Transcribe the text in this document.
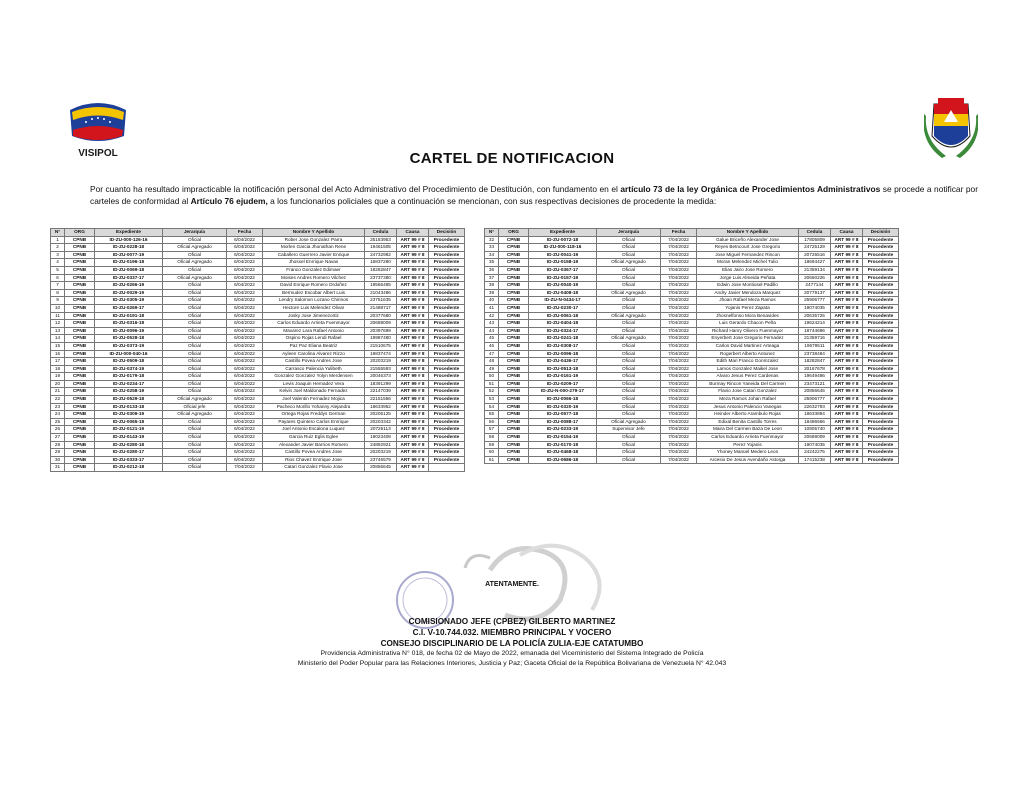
VISIPOL	CARTEL DE NOTIFICACION
Por cuanto ha resultado impracticable la notificación personal del Acto Administrativo del Procedimiento de Destitución, con fundamento en el artículo 73 de la ley Orgánica de Procedimientos Administrativos se procede a notificar por carteles de conformidad al Artículo 76 ejudem, a los funcionarios policiales que a continuación se mencionan, con sus respectivas decisiones de procedente la medida:
N°	ORG	Expediente	Jerarquía	Fecha	Nombre Y Apellido	Cedula	Causa	Decisión
1	CPNB	ID-ZU-000-126-16	Oficial	6/04/2022	Rober Jose Gonzalez Parra	25183953	ART 99 # 8	Procedente
2	CPNB	ID-ZU-0228-18	Oficial Agregado	6/04/2022	Morlen Garcia Jhonathan Rene	19461505	ART 99 # 8	Procedente
3	CPNB	ID-ZU-0077-19	Oficial	6/04/2022	Caballero Guerrero Javier Enrique	24732982	ART 99 # 8	Procedente
4	CPNB	ID-ZU-0196-18	Oficial Agregado	6/04/2022	Jhossel Enrrique Navas	16837280	ART 99 # 8	Procedente
5	CPNB	ID-ZU-0069-18	Oficial	6/04/2022	Franco Gonzalez Edimaer	18282847	ART 99 # 8	Procedente
6	CPNB	ID-ZU-0337-17	Oficial Agregado	6/04/2022	Moises Andres Romero Vilchez	23737380	ART 99 # 8	Procedente
7	CPNB	ID-ZU-0266-19	Oficial	6/04/2022	David Enrique Romero Ordoñez	19566485	ART 99 # 8	Procedente
8	CPNB	ID-ZU-0029-19	Oficial	6/04/2022	Bermudez Escobar Albert Luis	21043486	ART 99 # 8	Procedente
9	CPNB	ID-ZU-0305-19	Oficial	6/04/2022	Lendry Salomon Lozano Chirinos	23751635	ART 99 # 8	Procedente
10	CPNB	ID-ZU-0269-17	Oficial	6/04/2022	Hectore Luis Melendez Olivar	21488717	ART 99 # 8	Procedente
11	CPNB	ID-ZU-0191-18	Oficial	6/04/2022	Josky Jose Jimenezortiz	20377680	ART 99 # 8	Procedente
12	CPNB	ID-ZU-0316-18	Oficial	6/04/2022	Carlos Eduardo Arrieta Fuenmayor	20689009	ART 99 # 8	Procedente
13	CPNB	ID-ZU-0096-19	Oficial	6/04/2022	Mavarez Lara Rafael Antonio	20397689	ART 99 # 8	Procedente
14	CPNB	ID-ZU-0528-18	Oficial	6/04/2022	Ospino Rojas Lendi Rafael	19987480	ART 99 # 8	Procedente
15	CPNB	ID-ZU-0373-19	Oficial	6/04/2022	Paz Paz Eliana Beatriz	21510675	ART 99 # 8	Procedente
16	CPNB	ID-ZU-000-040-16	Oficial	6/04/2022	Ayleen Carolina Alvarez Rizzo	19837474	ART 99 # 8	Procedente
17	CPNB	ID-ZU-0509-18	Oficial	6/04/2022	Castillo Povea Andres Jose	20203219	ART 99 # 8	Procedente
18	CPNB	ID-ZU-0374-19	Oficial	6/04/2022	Carrasco Palencia Yulibeth	21555593	ART 99 # 8	Procedente
19	CPNB	ID-ZU-0179-18	Oficial	6/04/2022	Gonzalez Gonzalez Yolyn Merdensen	20046373	ART 99 # 8	Procedente
20	CPNB	ID-ZU-0234-17	Oficial	6/04/2022	Levis Joaquin Hernadez Vera	18391299	ART 99 # 8	Procedente
21	CPNB	ID-ZU-0258-19	Oficial	6/04/2022	Kelvin Joel Maldonado Fernadez	22147039	ART 99 # 8	Procedente
22	CPNB	ID-ZU-0529-18	Oficial Agregado	6/04/2022	Joel Valentin Fernadez Mojica	22151556	ART 99 # 8	Procedente
23	CPNB	ID-ZU-0133-18	Oficial jefe	6/04/2022	Pacheco Morillo Yohanny Alejandra	18633952	ART 99 # 8	Procedente
24	CPNB	ID-ZU-0309-19	Oficial Agregado	6/04/2022	Ortega Rojas Freddys German	20205125	ART 99 # 8	Procedente
25	CPNB	ID-ZU-0065-18	Oficial	6/04/2022	Payares Quintero Carlos Enrrique	20203342	ART 99 # 8	Procedente
26	CPNB	ID-ZU-0121-19	Oficial	6/04/2022	Joel Antonio Escalona Luquez	20726113	ART 99 # 8	Procedente
27	CPNB	ID-ZU-0143-19	Oficial	6/04/2022	Garcia Ruiz Eglis Eglee	19023408	ART 99 # 8	Procedente
28	CPNB	ID-ZU-0280-18	Oficial	6/04/2022	Alexander Javier Barrios Romero	24892921	ART 99 # 8	Procedente
29	CPNB	ID-ZU-0280-17	Oficial	6/04/2022	Castillo Povea Andres Jose	20203219	ART 99 # 8	Procedente
30	CPNB	ID-ZU-0333-17	Oficial	6/04/2022	Rios Chavez Enrrique Jose	23746579	ART 99 # 8	Procedente
31	CPNB	ID-ZU-0212-18	Oficial	7/04/2022	Catari Gonzalez Flavio Jose	20856645	ART 99 # 8	
N°	ORG	Expediente	Jerarquía	Fecha	Nombre Y Apellido	Cedula	Causa	Decisión
32	CPNB	ID-ZU-0072-18	Oficial	7/04/2022	Galue Briceño Alexander Jose	17805809	ART 99 # 8	Procedente
33	CPNB	ID-ZU-000-118-16	Oficial	7/04/2022	Reyes Betncourt Jose Gregorio	24725129	ART 99 # 8	Procedente
34	CPNB	ID-ZU-0041-19	Oficial	7/04/2022	Jose Miguel Fernandez Rincon	20725516	ART 99 # 8	Procedente
35	CPNB	ID-ZU-0158-19	Oficial Agregado	7/04/2022	Moran Melendez Michel Tulio	18694427	ART 99 # 8	Procedente
36	CPNB	ID-ZU-0367-17	Oficial	7/04/2022	Elias Jairo Jose Romero	21359134	ART 99 # 8	Procedente
37	CPNB	ID-ZU-0157-19	Oficial	7/04/2022	Jorge Luis Almeida Peñata	20660226	ART 99 # 8	Procedente
38	CPNB	ID-ZU-0040-19	Oficial	7/04/2022	Edwin Jose Montiosel Padillo	2477144	ART 99 # 8	Procedente
39	CPNB	ID-ZU-0408-18	Oficial Agregado	7/04/2022	Andry Javier Mendoza Marquez	20779137	ART 99 # 8	Procedente
40	CPNB	ID-ZU-N-0434-17	Oficial	7/04/2022	Jhoan Rafael Meza Ramos	25906777	ART 99 # 8	Procedente
41	CPNB	ID-ZU-0230-17	Oficial	7/04/2022	Yojanis Perez Zapata	19074035	ART 99 # 8	Procedente
42	CPNB	ID-ZU-0061-18	Oficial Agregado	7/04/2022	Jhosnelfonso Mora Benavides	20635725	ART 99 # 8	Procedente
43	CPNB	ID-ZU-0404-18	Oficial	7/04/2022	Luis Gerardo Chacon Peña	19624214	ART 99 # 8	Procedente
44	CPNB	ID-ZU-0324-17	Oficial	7/04/2022	Richard Hanry Olivero Fuenmayor	18744696	ART 99 # 8	Procedente
45	CPNB	ID-ZU-0241-18	Oficial Agregado	7/04/2022	Enyerbert Jose Gregorio Fernadez	21359716	ART 99 # 8	Procedente
46	CPNB	ID-ZU-0308-17	Oficial	7/04/2022	Carlos David Martinez Arteaga	19679511	ART 99 # 8	Procedente
47	CPNB	ID-ZU-0096-18	Oficial	7/04/2022	Rogerbert Alberto Antunez	23738484	ART 99 # 8	Procedente
48	CPNB	ID-ZU-0436-17	Oficial	7/04/2022	Edith Mari Franco Gonmzalez	18282847	ART 99 # 8	Procedente
49	CPNB	ID-ZU-0513-18	Oficial	7/04/2022	Lamos Gonzalez Maikel Jose	20167678	ART 99 # 8	Procedente
50	CPNB	ID-ZU-0161-19	Oficial	7/04/2022	Alvaro Jesus Perez Cardenas	19649486	ART 99 # 8	Procedente
51	CPNB	ID-ZU-0209-17	Oficial	7/04/2022	Burmay Rincon Yaneida Del Carmen	23473121	ART 99 # 8	Procedente
52	CPNB	ID-ZU-N-000-279-17	Oficial	7/04/2022	Flavio Jose Catari Gonzalez	20856645	ART 99 # 8	Procedente
53	CPNB	ID-ZU-0066-18	Oficial	7/04/2022	Meza Ramos Johan Rafael	25906777	ART 99 # 8	Procedente
54	CPNB	ID-ZU-0320-19	Oficial	7/04/2022	Jesus Antonio Palencio Vanegas	22632793	ART 99 # 8	Procedente
55	CPNB	ID-ZU-0577-18	Oficial	7/04/2022	Heinder Alberto Arambulo Rojas	18633894	ART 99 # 8	Procedente
56	CPNB	ID-ZU-0088-17	Oficial Agregado	7/04/2022	Edixal Benita Castillo Torres	18486566	ART 99 # 8	Procedente
57	CPNB	ID-ZU-0233-19	Supervisor Jefe	7/04/2022	Maira Del Carmen Baza De Leon	10905740	ART 99 # 8	Procedente
58	CPNB	ID-ZU-0154-19	Oficial	7/04/2022	Carlos Eduardo Arrieta Fuenmayor	20689009	ART 99 # 8	Procedente
59	CPNB	ID-ZU-0170-18	Oficial	7/04/2022	Perez Yojanis	19074035	ART 99 # 8	Procedente
60	CPNB	ID-ZU-0468-18	Oficial	7/04/2022	Yhoney Manuel Medero Leon	24242275	ART 99 # 8	Procedente
61	CPNB	ID-ZU-0686-18	Oficial	7/04/2022	Arcesio De Jesus Avendaño Astorga	17415238	ART 99 # 8	Procedente
ATENTAMENTE.
COMISIONADO JEFE (CPBEZ) GILBERTO MARTINEZ
C.I. V-10.744.032. MIEMBRO PRINCIPAL Y VOCERO
CONSEJO DISCIPLINARIO DE LA POLICÍA ZULIA-EJE CATATUMBO
Providencia Administrativa N° 018, de fecha 02 de Mayo de 2022, emanada del Viceministerio del Sistema Integrado de Policía
Ministerio del Poder Popular para las Relaciones Interiores, Justicia y Paz; Gaceta Oficial de la República Bolivariana de Venezuela N° 42.043
